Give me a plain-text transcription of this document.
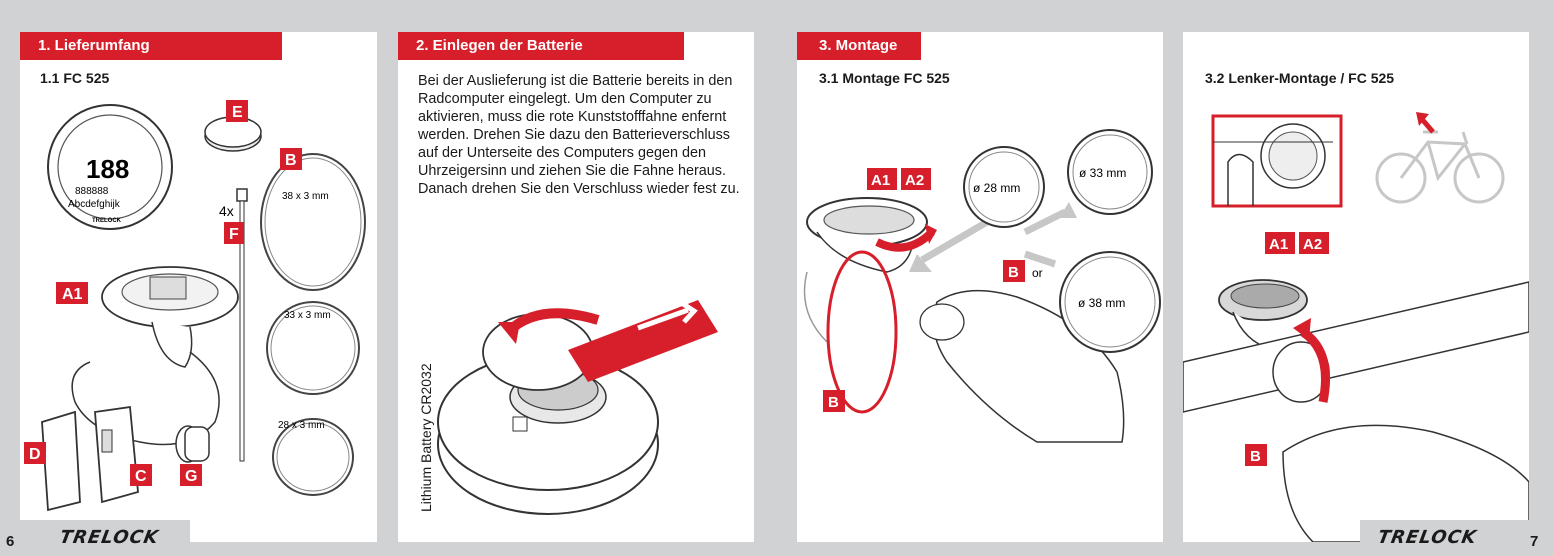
1. Lieferumfang
1.1 FC 525
188
888888
Abcdefghijk
TRELOCK
38 x 3 mm
33 x 3 mm
28 x 3 mm
E
B
F
4x
A1
D
C G
2. Einlegen der Batterie
Bei der Auslieferung ist die Batterie bereits in den Radcomputer eingelegt. Um den Computer zu aktivieren, muss die rote Kunststofffahne enfernt werden. Drehen Sie dazu den Batterieverschluss auf der Unterseite des Computers gegen den Uhrzeigersinn und ziehen Sie die Fahne heraus. Danach drehen Sie den Verschluss wieder fest zu.
Lithium Battery CR2032
3. Montage
3.1 Montage FC 525
ø 28 mm
ø 33 mm
ø 38 mm
or
A1 A2
B
B
3.2 Lenker-Montage / FC 525
A1 A2
B
6 TRELOCK	TRELOCK	7
